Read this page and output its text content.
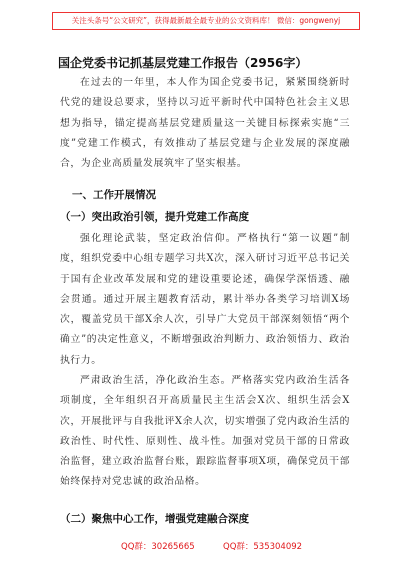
关注头条号“公文研究”，获得最新最全最专业的公文资料库！ 微信：gongwenyj
国企党委书记抓基层党建工作报告（2956字）

在过去的一年里，本人作为国企党委书记，紧紧围绕新时代党的建设总要求，坚持以习近平新时代中国特色社会主义思想为指导，锚定提高基层党建质量这一关键目标探索实施“三度”党建工作模式，有效推动了基层党建与企业发展的深度融合，为企业高质量发展筑牢了坚实根基。

一、工作开展情况
（一）突出政治引领，提升党建工作高度

强化理论武装，坚定政治信仰。严格执行“第一议题”制度，组织党委中心组专题学习共X次，深入研讨习近平总书记关于国有企业改革发展和党的建设重要论述，确保学深悟透、融会贯通。通过开展主题教育活动，累计举办各类学习培训X场次，覆盖党员干部X余人次，引导广大党员干部深刻领悟“两个确立”的决定性意义，不断增强政治判断力、政治领悟力、政治执行力。

严肃政治生活，净化政治生态。严格落实党内政治生活各项制度，全年组织召开高质量民主生活会X次、组织生活会X次，开展批评与自我批评X余人次，切实增强了党内政治生活的政治性、时代性、原则性、战斗性。加强对党员干部的日常政治监督，建立政治监督台账，跟踪监督事项X项，确保党员干部始终保持对党忠诚的政治品格。

（二）聚焦中心工作，增强党建融合深度
QQ群：30265665	QQ群：535304092
